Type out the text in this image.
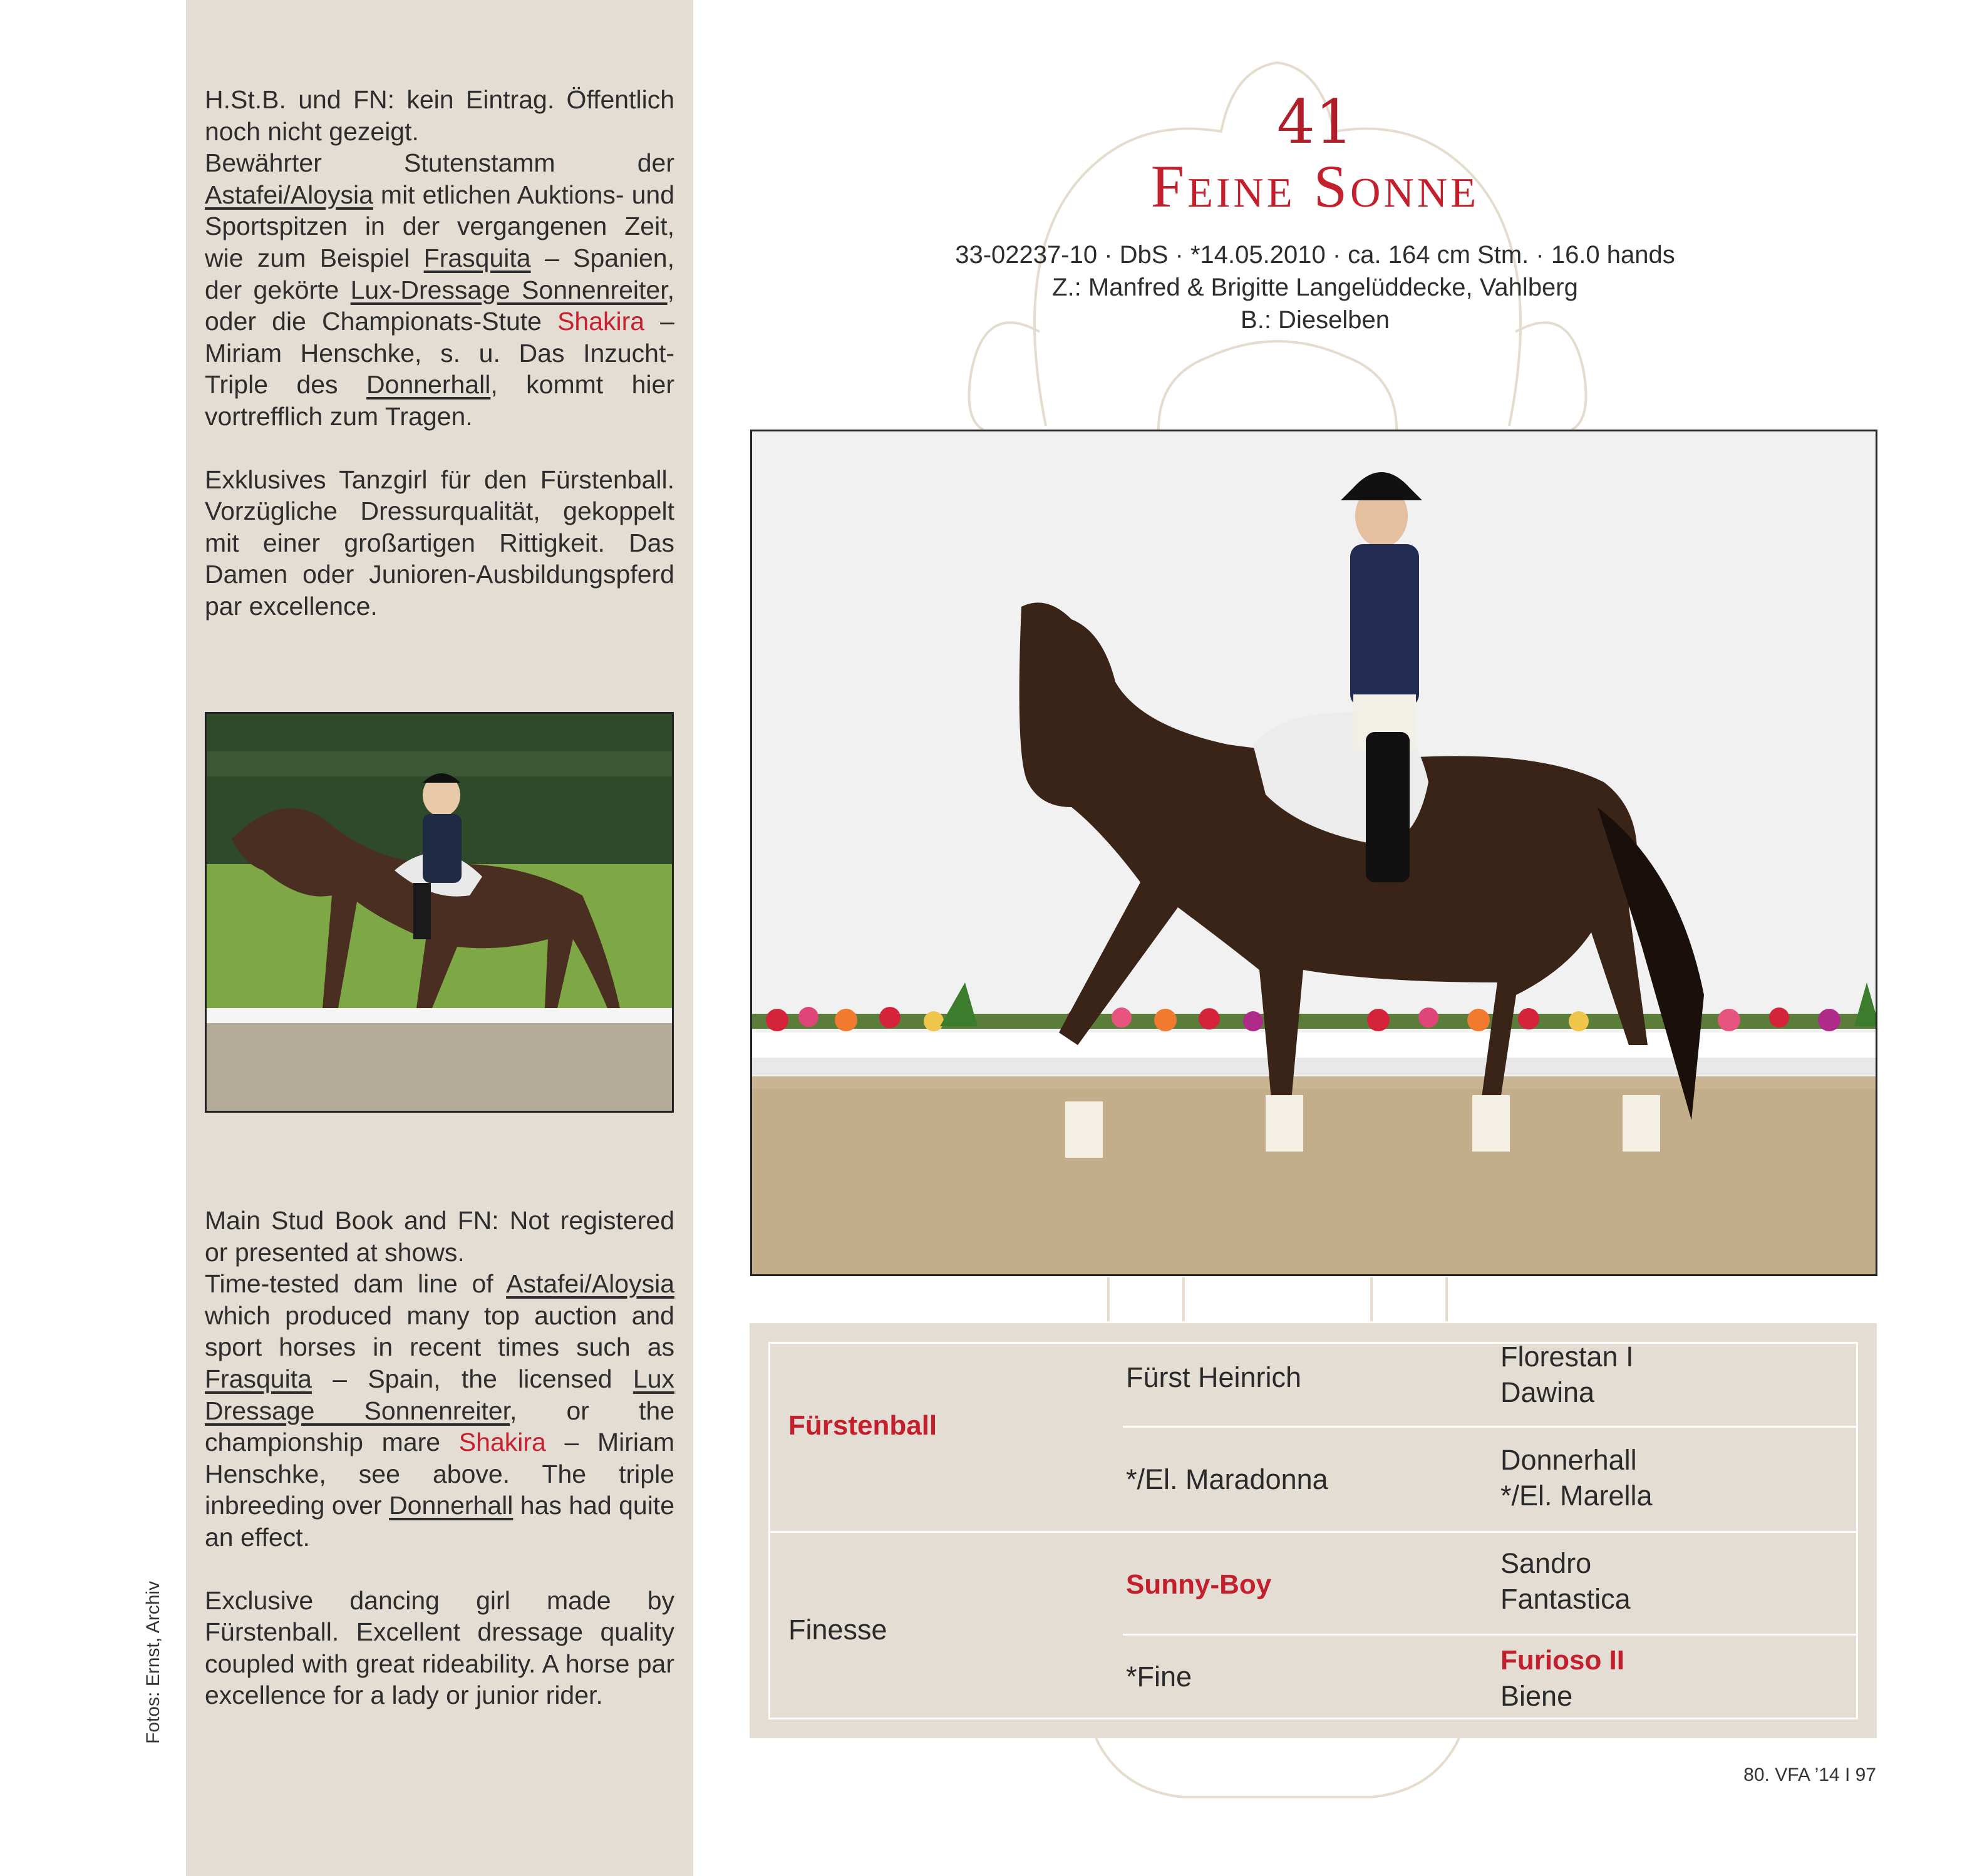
H.St.B. und FN: kein Eintrag. Öffentlich noch nicht gezeigt.
Bewährter Stutenstamm der Astafei/Aloysia mit etlichen Auktions- und Sportspitzen in der vergangenen Zeit, wie zum Beispiel Frasquita – Spanien, der gekörte Lux-Dressage Sonnenreiter, oder die Championats-Stute Shakira – Miriam Henschke, s. u. Das Inzucht-Triple des Donnerhall, kommt hier vortrefflich zum Tragen.

Exklusives Tanzgirl für den Fürstenball. Vorzügliche Dressurqualität, gekoppelt mit einer großartigen Rittigkeit. Das Damen oder Junioren-Ausbildungspferd par excellence.

Main Stud Book and FN: Not registered or presented at shows.
Time-tested dam line of Astafei/Aloysia which produced many top auction and sport horses in recent times such as Frasquita – Spain, the licensed Lux Dressage Sonnenreiter, or the championship mare Shakira – Miriam Henschke, see above. The triple inbreeding over Donnerhall has had quite an effect.

Exclusive dancing girl made by Fürstenball. Excellent dressage quality coupled with great rideability. A horse par excellence for a lady or junior rider.

Fotos: Ernst, Archiv
41
Feine Sonne
33-02237-10 · DbS · *14.05.2010 · ca. 164 cm Stm. · 16.0 hands
Z.: Manfred & Brigitte Langelüddecke, Vahlberg
B.: Dieselben
Fürstenball
Finesse
Fürst Heinrich
*/El. Maradonna
Sunny-Boy
*Fine
Florestan I
Dawina
Donnerhall
*/El. Marella
Sandro
Fantastica
Furioso II
Biene
80. VFA ’14 I 97
